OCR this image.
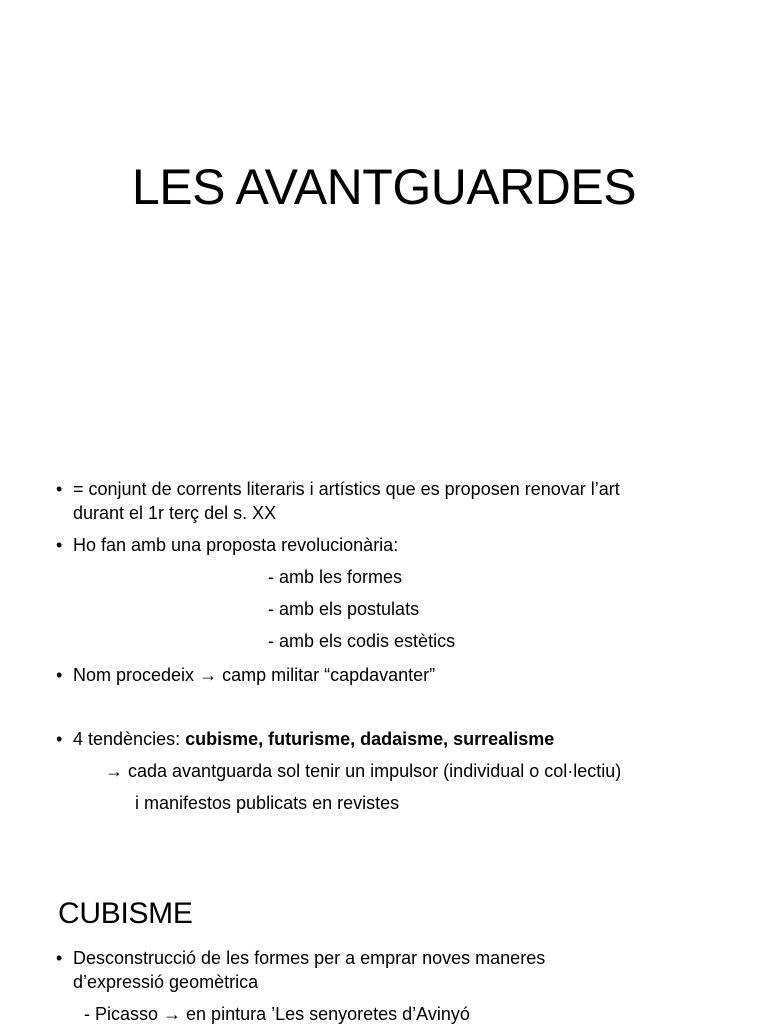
LES AVANTGUARDES
• = conjunt de corrents literaris i artístics que es proposen renovar l’art
durant el 1r terç del s. XX
• Ho fan amb una proposta revolucionària:
- amb les formes
- amb els postulats
- amb els codis estètics
• Nom procedeix → camp militar “capdavanter”
• 4 tendències: cubisme, futurisme, dadaisme, surrealisme
→ cada avantguarda sol tenir un impulsor (individual o col·lectiu)
i manifestos publicats en revistes
CUBISME
• Desconstrucció de les formes per a emprar noves maneres
d’expressió geomètrica
- Picasso → en pintura ’Les senyoretes d’Avinyó
